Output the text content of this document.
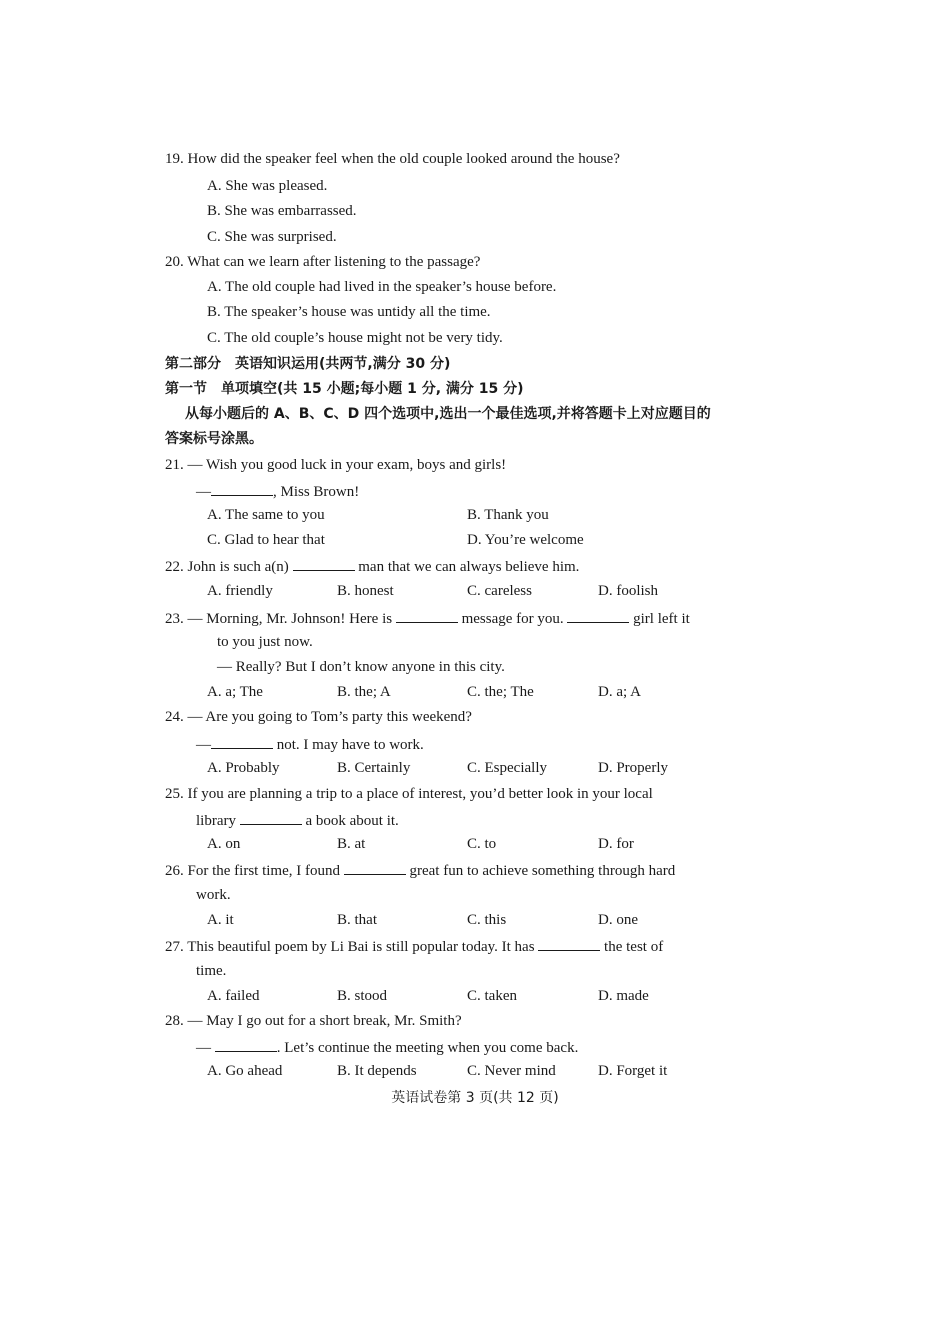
19. How did the speaker feel when the old couple looked around the house?
A. She was pleased.
B. She was embarrassed.
C. She was surprised.
20. What can we learn after listening to the passage?
A. The old couple had lived in the speaker’s house before.
B. The speaker’s house was untidy all the time.
C. The old couple’s house might not be very tidy.
第二部分　英语知识运用(共两节,满分 30 分)
第一节　单项填空(共 15 小题;每小题 1 分, 满分 15 分)
从每小题后的 A、B、C、D 四个选项中,选出一个最佳选项,并将答题卡上对应题目的
答案标号涂黑。
21. — Wish you good luck in your exam, boys and girls!
—	, Miss Brown!
A. The same to you	B. Thank you
C. Glad to hear that	D. You’re welcome
22. John is such a(n)	man that we can always believe him.
A. friendly	B. honest	C. careless	D. foolish
23. — Morning, Mr. Johnson! Here is	message for you.	girl left it
to you just now.
— Really? But I don’t know anyone in this city.
A. a; The	B. the; A	C. the; The	D. a; A
24. — Are you going to Tom’s party this weekend?
—	not. I may have to work.
A. Probably	B. Certainly	C. Especially	D. Properly
25. If you are planning a trip to a place of interest, you’d better look in your local
library	a book about it.
A. on	B. at	C. to	D. for
26. For the first time, I found	great fun to achieve something through hard
work.
A. it	B. that	C. this	D. one
27. This beautiful poem by Li Bai is still popular today. It has	the test of
time.
A. failed	B. stood	C. taken	D. made
28. — May I go out for a short break, Mr. Smith?
—	. Let’s continue the meeting when you come back.
A. Go ahead	B. It depends	C. Never mind	D. Forget it
英语试卷第 3 页(共 12 页)
